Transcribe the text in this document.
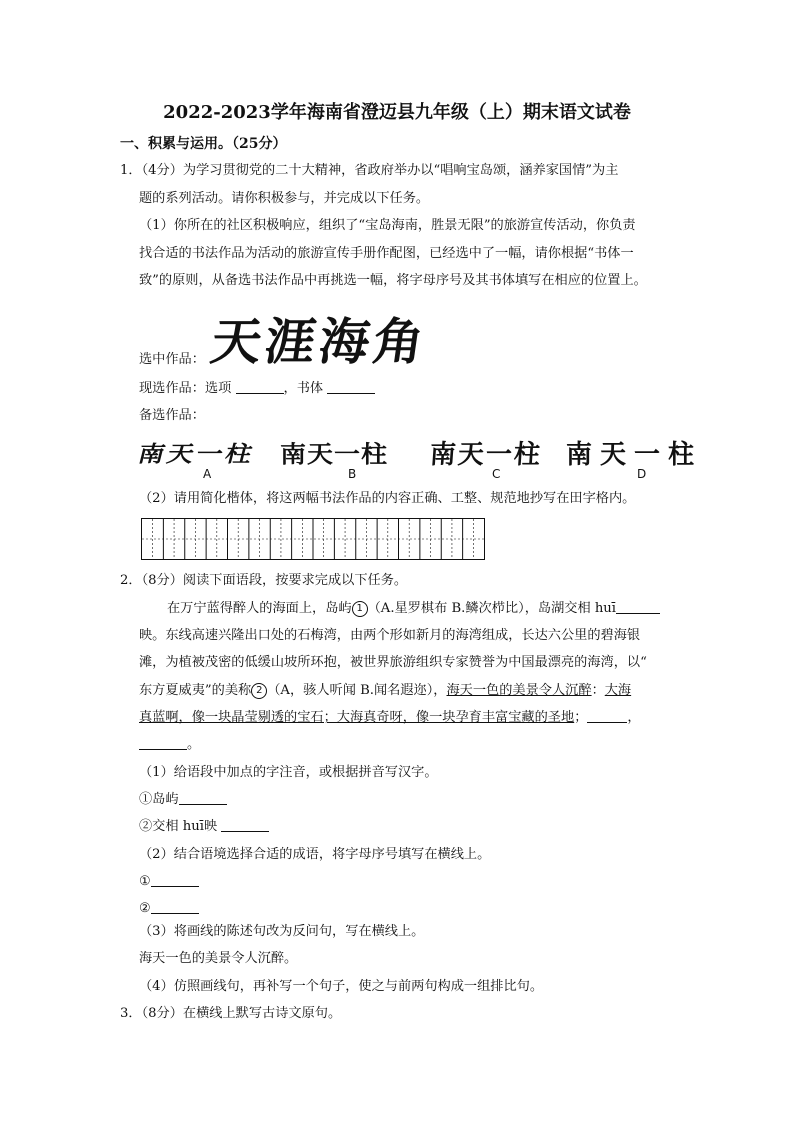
2022-2023学年海南省澄迈县九年级（上）期末语文试卷
一、积累与运用。（25分）
1．（4分）为学习贯彻党的二十大精神，省政府举办以“唱响宝岛颂，涵养家国情”为主
题的系列活动。请你积极参与，并完成以下任务。
（1）你所在的社区积极响应，组织了“宝岛海南，胜景无限”的旅游宣传活动，你负责
找合适的书法作品为活动的旅游宣传手册作配图，已经选中了一幅，请你根据“书体一
致”的原则，从备选书法作品中再挑选一幅，将字母序号及其书体填写在相应的位置上。
选中作品： 天涯海角
现选作品：选项	，书体
备选作品：
南天一柱 南天一柱 南天一柱 南天一柱
A	B	C	D
（2）请用简化楷体，将这两幅书法作品的内容正确、工整、规范地抄写在田字格内。
2．（8分）阅读下面语段，按要求完成以下任务。
在万宁蓝得醉人的海面上，岛屿 1 （A.星罗棋布 B.鳞次栉比），岛湖交相 huī
映。东线高速兴隆出口处的石梅湾，由两个形如新月的海湾组成，长达六公里的碧海银
滩，为植被茂密的低缓山坡所环抱，被世界旅游组织专家赞誉为中国最漂亮的海湾，以“
东方夏威夷”的美称 2 （A，骇人听闻 B.闻名遐迩），海天一色的美景令人沉醉：大海
真蓝啊，像一块晶莹剔透的宝石；大海真奇呀，像一块孕育丰富宝藏的圣地；	，
。
（1）给语段中加点的字注音，或根据拼音写汉字。
①岛屿
②交相 huī映
（2）结合语境选择合适的成语，将字母序号填写在横线上。
①
②
（3）将画线的陈述句改为反问句，写在横线上。
海天一色的美景令人沉醉。
（4）仿照画线句，再补写一个句子，使之与前两句构成一组排比句。
3．（8分）在横线上默写古诗文原句。
